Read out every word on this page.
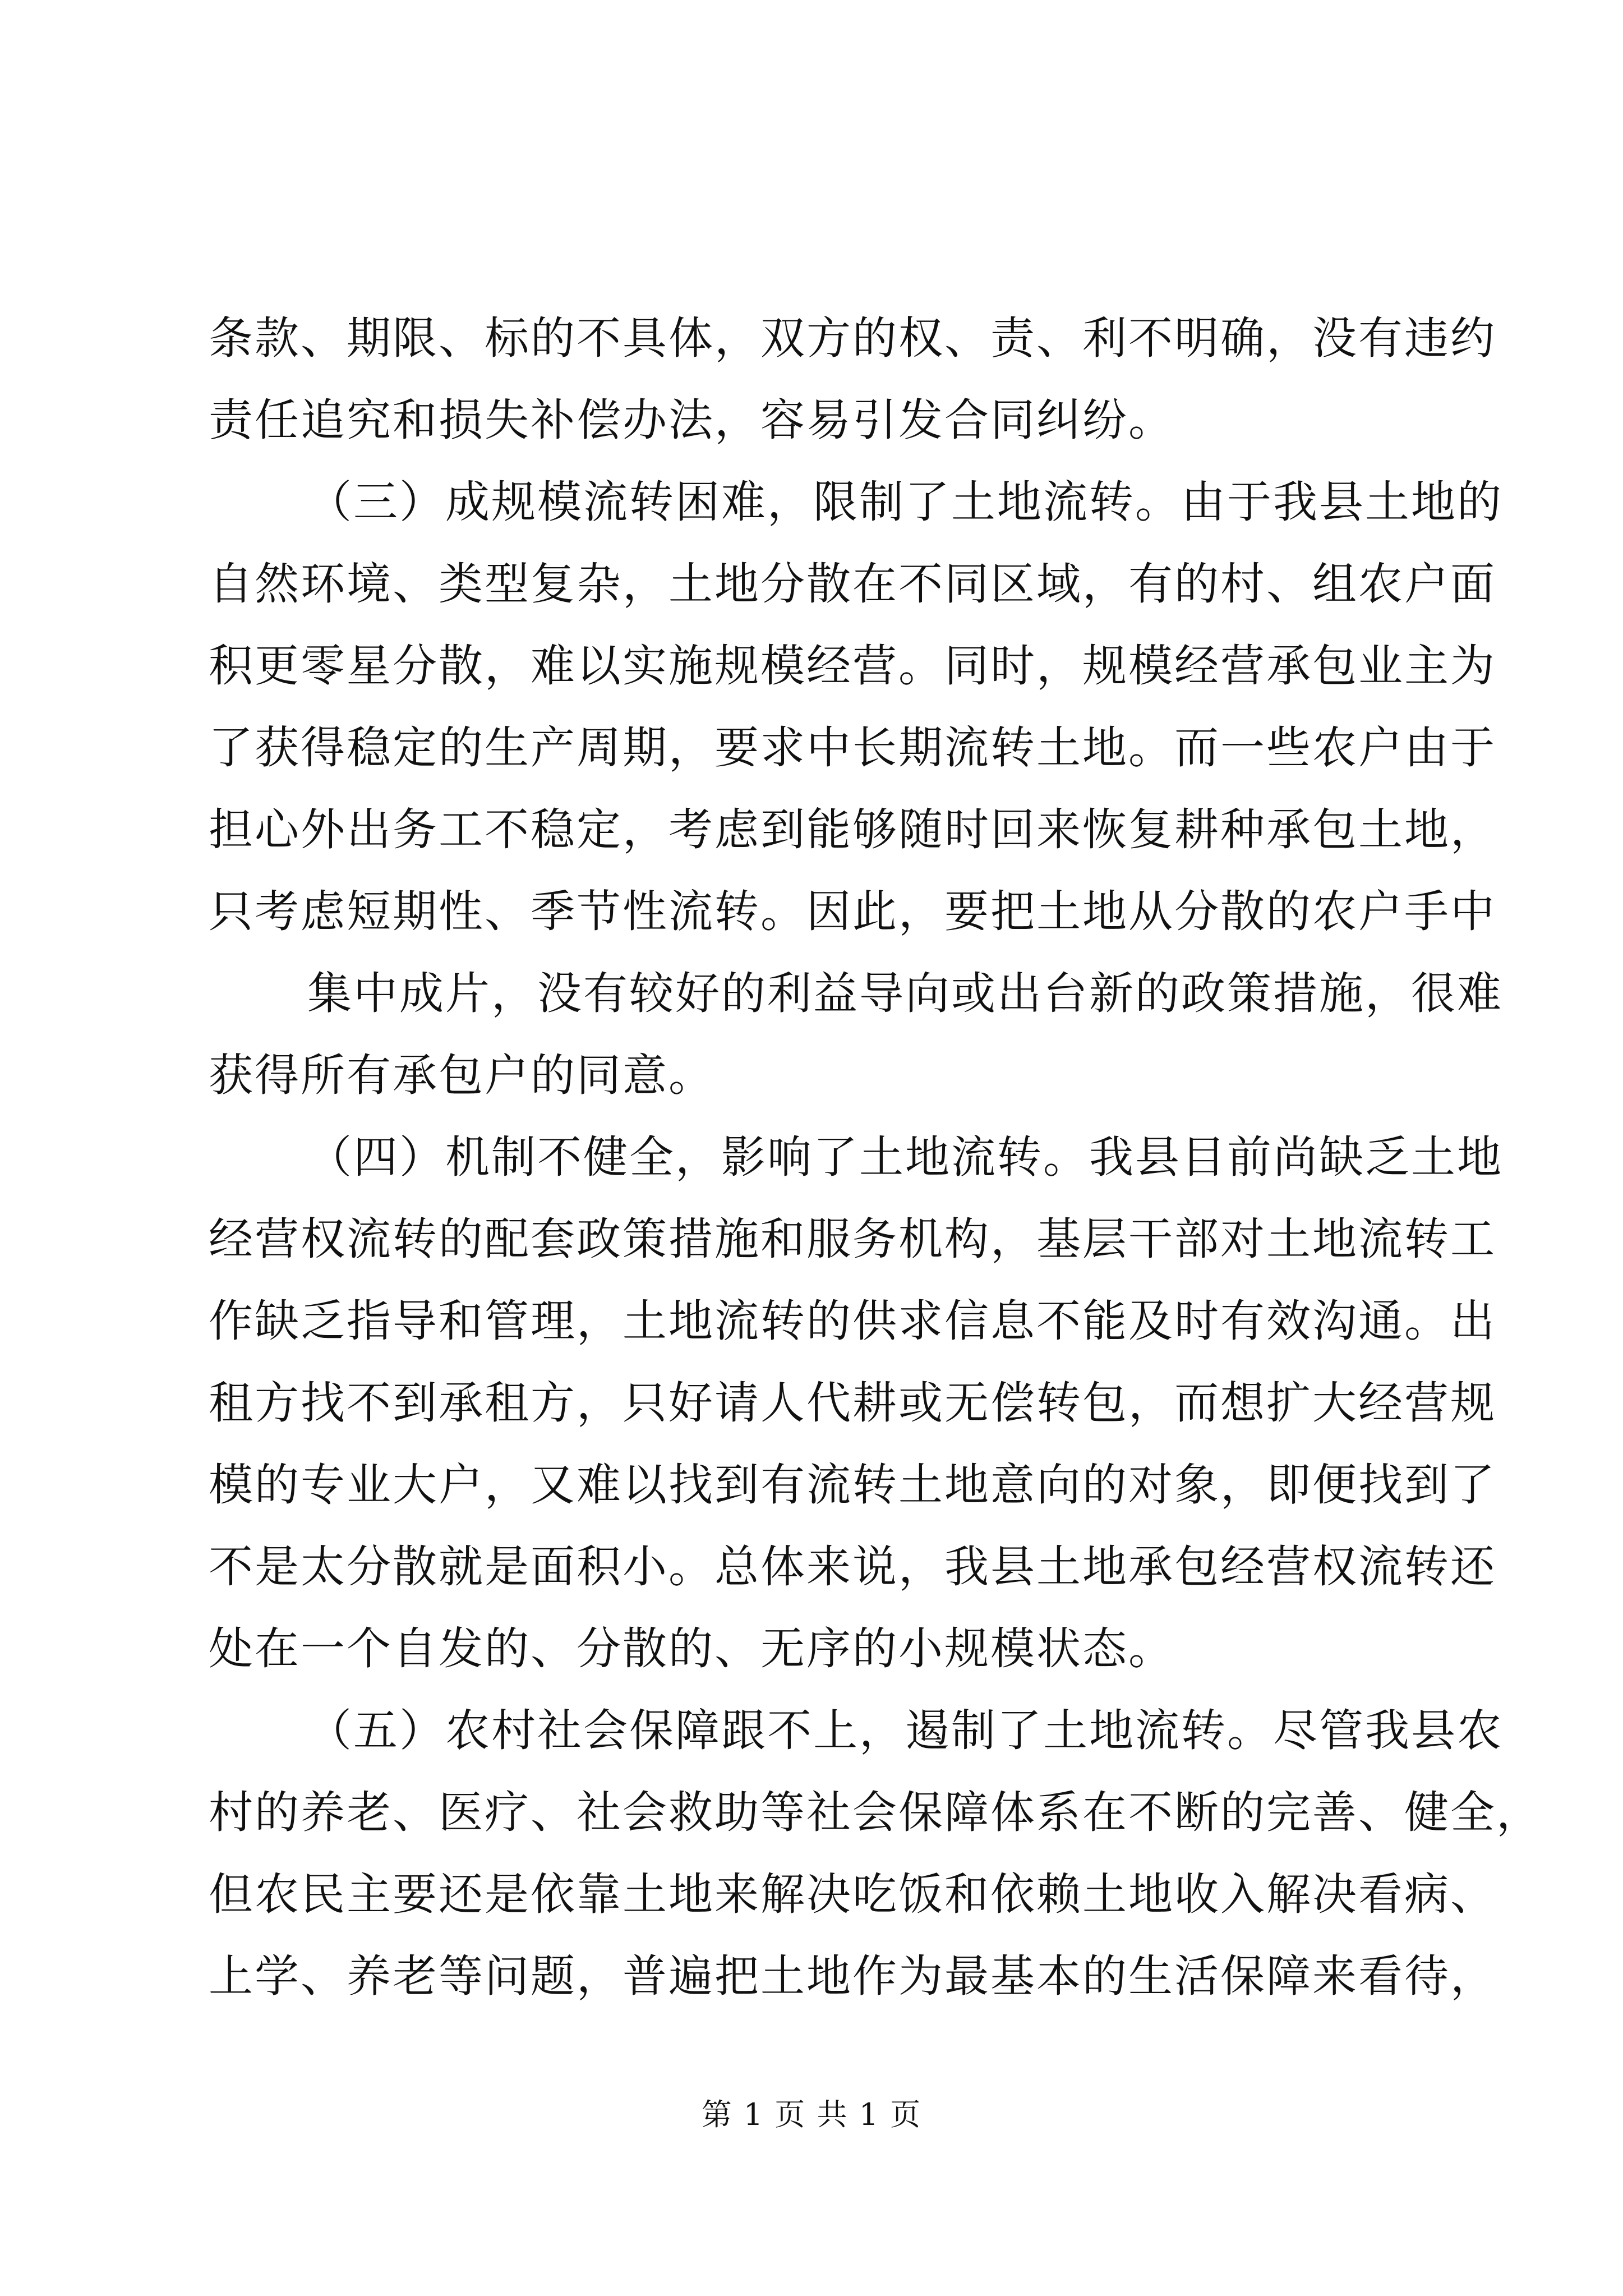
条款、期限、标的不具体，双方的权、责、利不明确，没有违约
责任追究和损失补偿办法，容易引发合同纠纷。
（三）成规模流转困难，限制了土地流转。由于我县土地的
自然环境、类型复杂，土地分散在不同区域，有的村、组农户面
积更零星分散，难以实施规模经营。同时，规模经营承包业主为
了获得稳定的生产周期，要求中长期流转土地。而一些农户由于
担心外出务工不稳定，考虑到能够随时回来恢复耕种承包土地，
只考虑短期性、季节性流转。因此，要把土地从分散的农户手中
集中成片，没有较好的利益导向或出台新的政策措施，很难
获得所有承包户的同意。
（四）机制不健全，影响了土地流转。我县目前尚缺乏土地
经营权流转的配套政策措施和服务机构，基层干部对土地流转工
作缺乏指导和管理，土地流转的供求信息不能及时有效沟通。出
租方找不到承租方，只好请人代耕或无偿转包，而想扩大经营规
模的专业大户，又难以找到有流转土地意向的对象，即便找到了
不是太分散就是面积小。总体来说，我县土地承包经营权流转还
处在一个自发的、分散的、无序的小规模状态。
（五）农村社会保障跟不上，遏制了土地流转。尽管我县农
村的养老、医疗、社会救助等社会保障体系在不断的完善、健全，
但农民主要还是依靠土地来解决吃饭和依赖土地收入解决看病、
上学、养老等问题，普遍把土地作为最基本的生活保障来看待，
第 1 页 共 1 页
